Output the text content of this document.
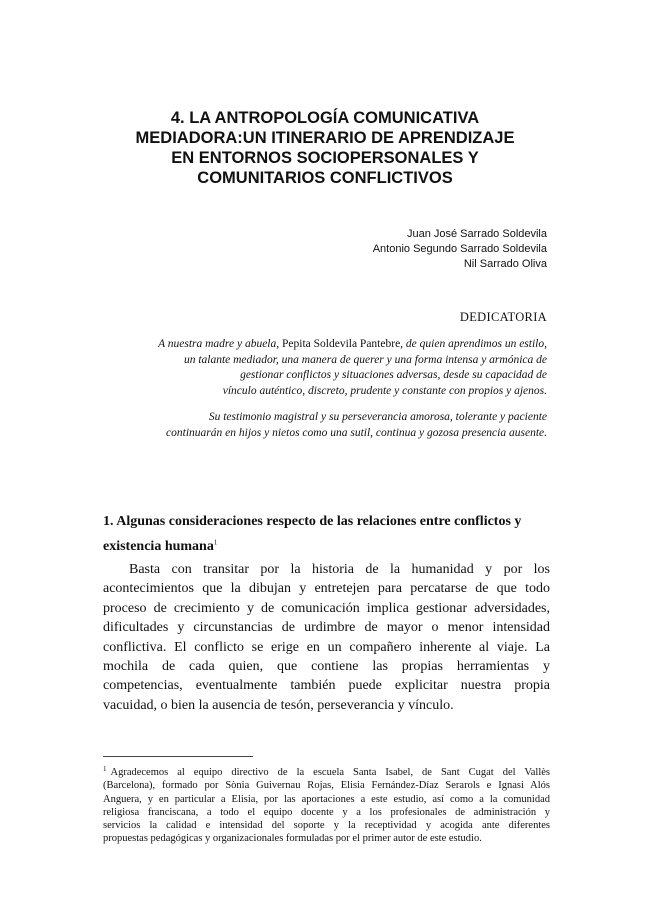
4. LA ANTROPOLOGÍA COMUNICATIVA
MEDIADORA:UN ITINERARIO DE APRENDIZAJE
EN ENTORNOS SOCIOPERSONALES Y
COMUNITARIOS CONFLICTIVOS
Juan José Sarrado Soldevila
Antonio Segundo Sarrado Soldevila
Nil Sarrado Oliva
DEDICATORIA

A nuestra madre y abuela, Pepita Soldevila Pantebre, de quien aprendimos un estilo,
un talante mediador, una manera de querer y una forma intensa y armónica de
gestionar conflictos y situaciones adversas, desde su capacidad de
vínculo auténtico, discreto, prudente y constante con propios y ajenos.

Su testimonio magistral y su perseverancia amorosa, tolerante y paciente
continuarán en hijos y nietos como una sutil, continua y gozosa presencia ausente.

1. Algunas consideraciones respecto de las relaciones entre conflictos y
existencia humana$^1$

Basta con transitar por la historia de la humanidad y por los
acontecimientos que la dibujan y entretejen para percatarse de que todo
proceso de crecimiento y de comunicación implica gestionar adversidades,
dificultades y circunstancias de urdimbre de mayor o menor intensidad
conflictiva. El conflicto se erige en un compañero inherente al viaje. La
mochila de cada quien, que contiene las propias herramientas y
competencias, eventualmente también puede explicitar nuestra propia
vacuidad, o bien la ausencia de tesón, perseverancia y vínculo.

$^1$ Agradecemos al equipo directivo de la escuela Santa Isabel, de Sant Cugat del Vallès
(Barcelona), formado por Sònia Guivernau Rojas, Elisia Fernández-Díaz Serarols e Ignasi Alós
Anguera, y en particular a Elisia, por las aportaciones a este estudio, así como a la comunidad
religiosa franciscana, a todo el equipo docente y a los profesionales de administración y
servicios la calidad e intensidad del soporte y la receptividad y acogida ante diferentes
propuestas pedagógicas y organizacionales formuladas por el primer autor de este estudio.
